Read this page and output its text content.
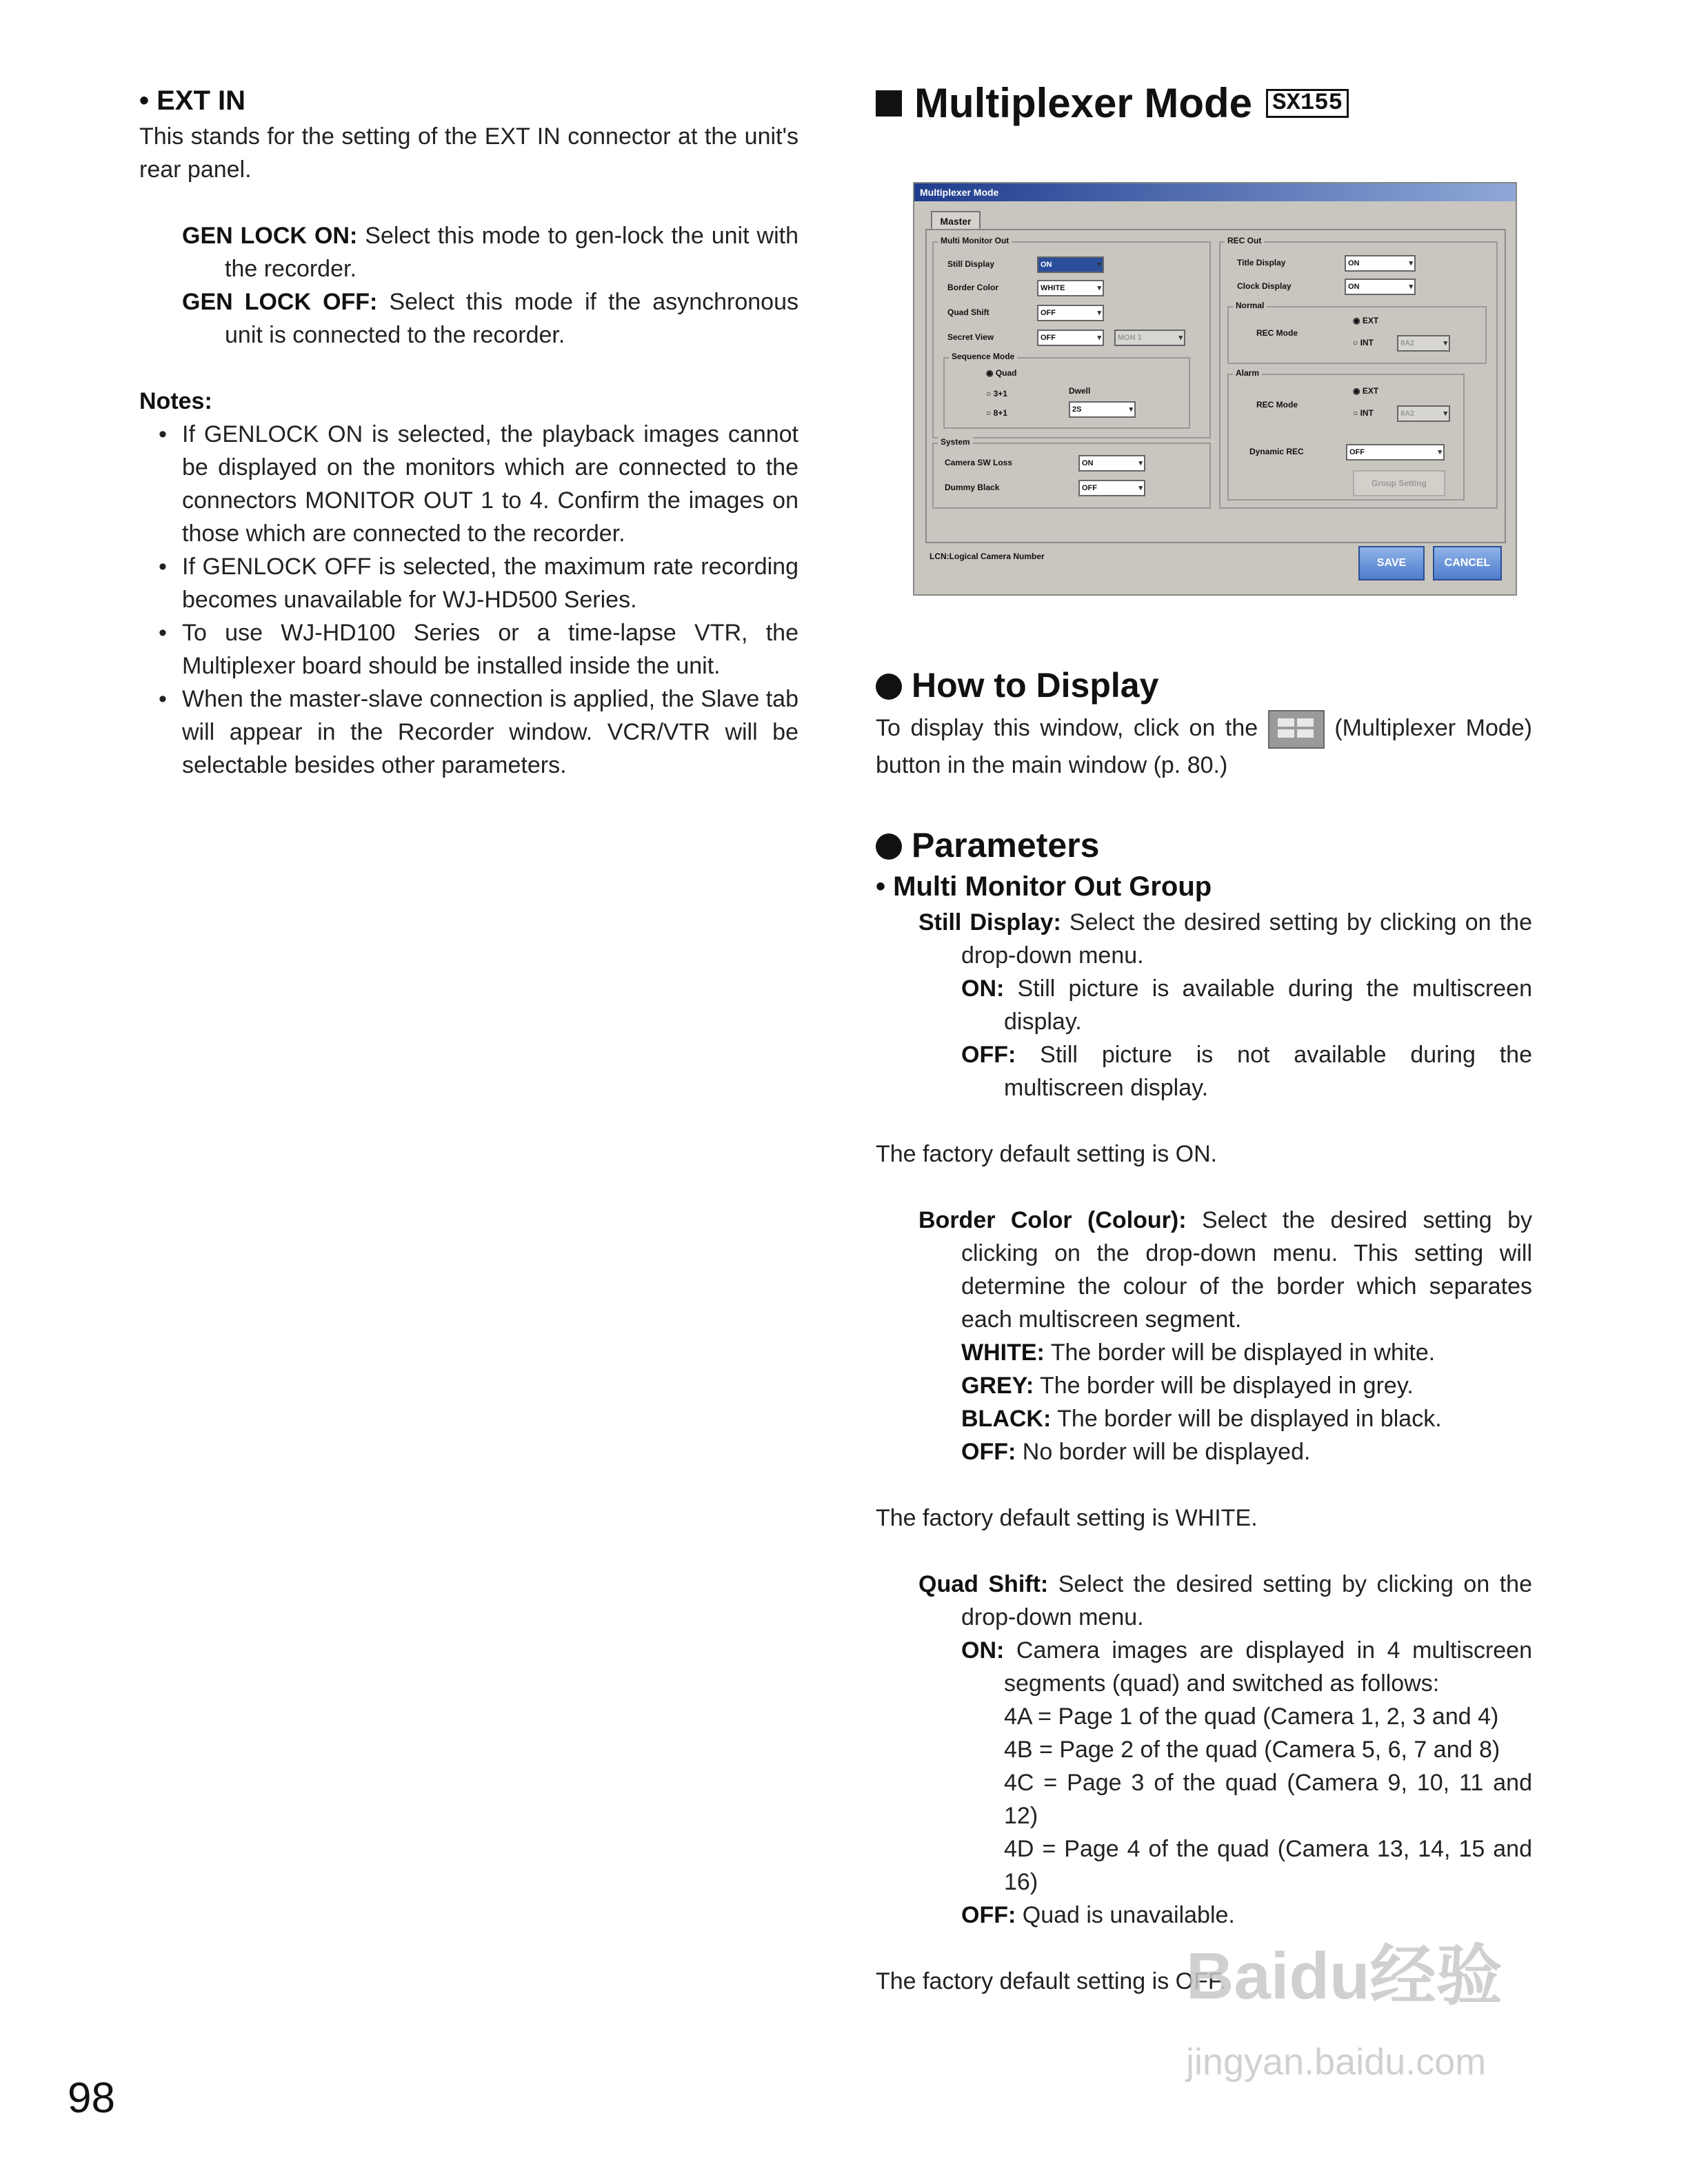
• EXT IN

This stands for the setting of the EXT IN connector at the unit's rear panel.

GEN LOCK ON: Select this mode to gen-lock the unit with the recorder.

GEN LOCK OFF: Select this mode if the asynchronous unit is connected to the recorder.

Notes:

• If GENLOCK ON is selected, the playback images cannot be displayed on the monitors which are connected to the connectors MONITOR OUT 1 to 4. Confirm the images on those which are connected to the recorder.
• If GENLOCK OFF is selected, the maximum rate recording becomes unavailable for WJ-HD500 Series.
• To use WJ-HD100 Series or a time-lapse VTR, the Multiplexer board should be installed inside the unit.
• When the master-slave connection is applied, the Slave tab will appear in the Recorder window. VCR/VTR will be selectable besides other parameters.
Multiplexer Mode SX155
Multiplexer Mode
Master
Multi Monitor Out
Still Display	ON ▾
Border Color	WHITE ▾
Quad Shift	OFF ▾
Secret View	OFF ▾	MON 1 ▾
Sequence Mode
◉ Quad
○ 3+1
○ 8+1
Dwell
2S ▾
System
Camera SW Loss	ON ▾
Dummy Black	OFF ▾
REC Out
Title Display	ON ▾
Clock Display	ON ▾
Normal
REC Mode
◉ EXT
○ INT	8A2 ▾
Alarm
REC Mode
◉ EXT
○ INT	8A2 ▾
Dynamic REC	OFF ▾
Group Setting
LCN:Logical Camera Number
SAVE	CANCEL

How to Display

To display this window, click on the	(Multiplexer Mode) button in the main window (p. 80.)

Parameters

• Multi Monitor Out Group

Still Display: Select the desired setting by clicking on the drop-down menu.

ON: Still picture is available during the multiscreen display.

OFF: Still picture is not available during the multiscreen display.

The factory default setting is ON.

Border Color (Colour): Select the desired setting by clicking on the drop-down menu. This setting will determine the colour of the border which separates each multiscreen segment.

WHITE: The border will be displayed in white.

GREY: The border will be displayed in grey.

BLACK: The border will be displayed in black.

OFF: No border will be displayed.

The factory default setting is WHITE.

Quad Shift: Select the desired setting by clicking on the drop-down menu.

ON: Camera images are displayed in 4 multiscreen segments (quad) and switched as follows:

4A = Page 1 of the quad (Camera 1, 2, 3 and 4)

4B = Page 2 of the quad (Camera 5, 6, 7 and 8)

4C = Page 3 of the quad (Camera 9, 10, 11 and 12)

4D = Page 4 of the quad (Camera 13, 14, 15 and 16)

OFF: Quad is unavailable.

The factory default setting is OFF.

98
Baidu经验
jingyan.baidu.com
